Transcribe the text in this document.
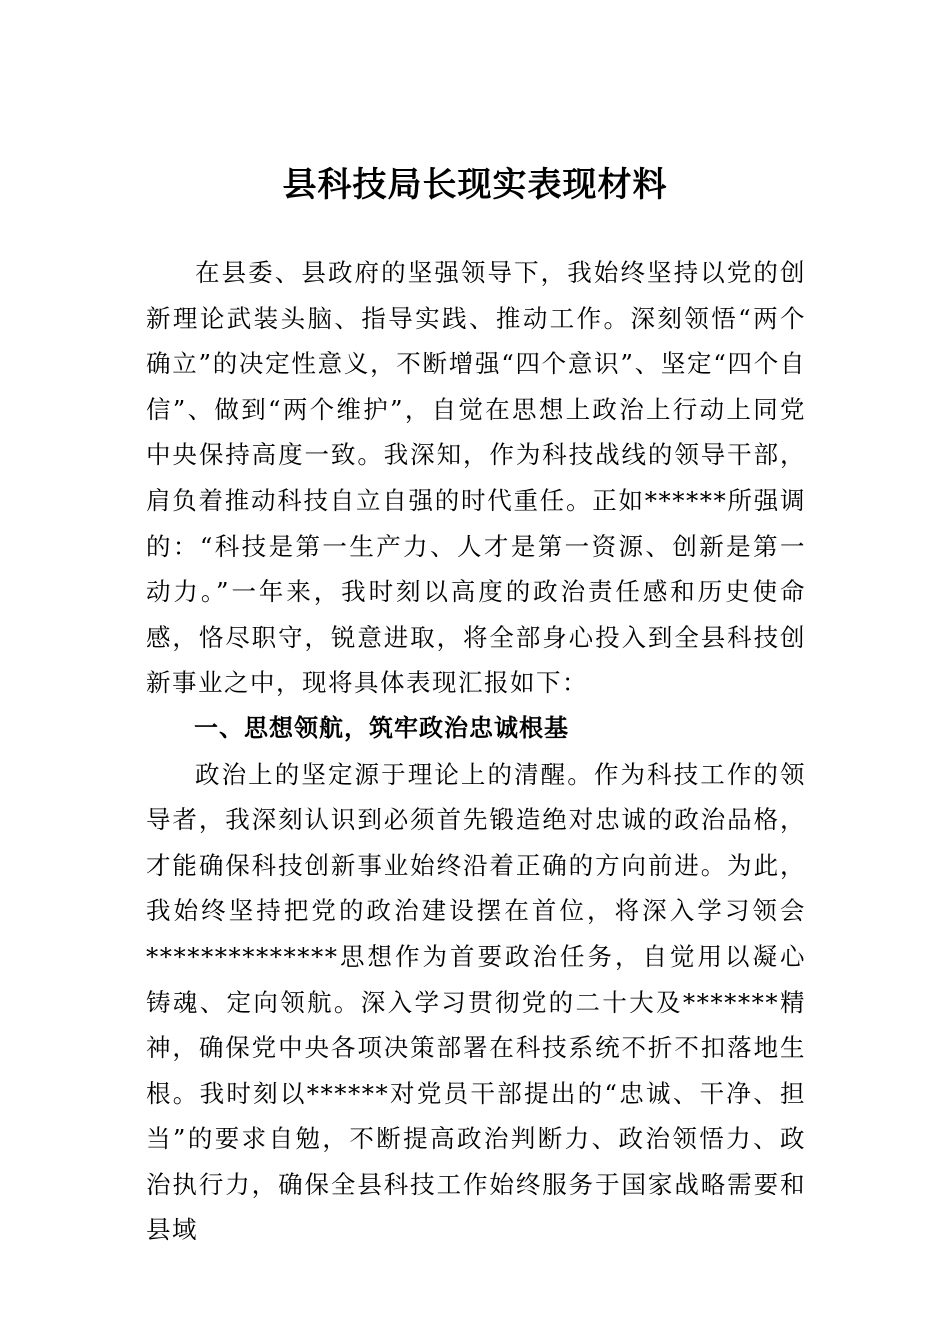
县科技局长现实表现材料

在县委、县政府的坚强领导下，我始终坚持以党的创新理论武装头脑、指导实践、推动工作。深刻领悟“两个确立”的决定性意义，不断增强“四个意识”、坚定“四个自信”、做到“两个维护”，自觉在思想上政治上行动上同党中央保持高度一致。我深知，作为科技战线的领导干部，肩负着推动科技自立自强的时代重任。正如******所强调的：“科技是第一生产力、人才是第一资源、创新是第一动力。”一年来，我时刻以高度的政治责任感和历史使命感，恪尽职守，锐意进取，将全部身心投入到全县科技创新事业之中，现将具体表现汇报如下：

一、思想领航，筑牢政治忠诚根基

政治上的坚定源于理论上的清醒。作为科技工作的领导者，我深刻认识到必须首先锻造绝对忠诚的政治品格，才能确保科技创新事业始终沿着正确的方向前进。为此，我始终坚持把党的政治建设摆在首位，将深入学习领会**************思想作为首要政治任务，自觉用以凝心铸魂、定向领航。深入学习贯彻党的二十大及*******精神，确保党中央各项决策部署在科技系统不折不扣落地生根。我时刻以******对党员干部提出的“忠诚、干净、担当”的要求自勉，不断提高政治判断力、政治领悟力、政治执行力，确保全县科技工作始终服务于国家战略需要和县域
